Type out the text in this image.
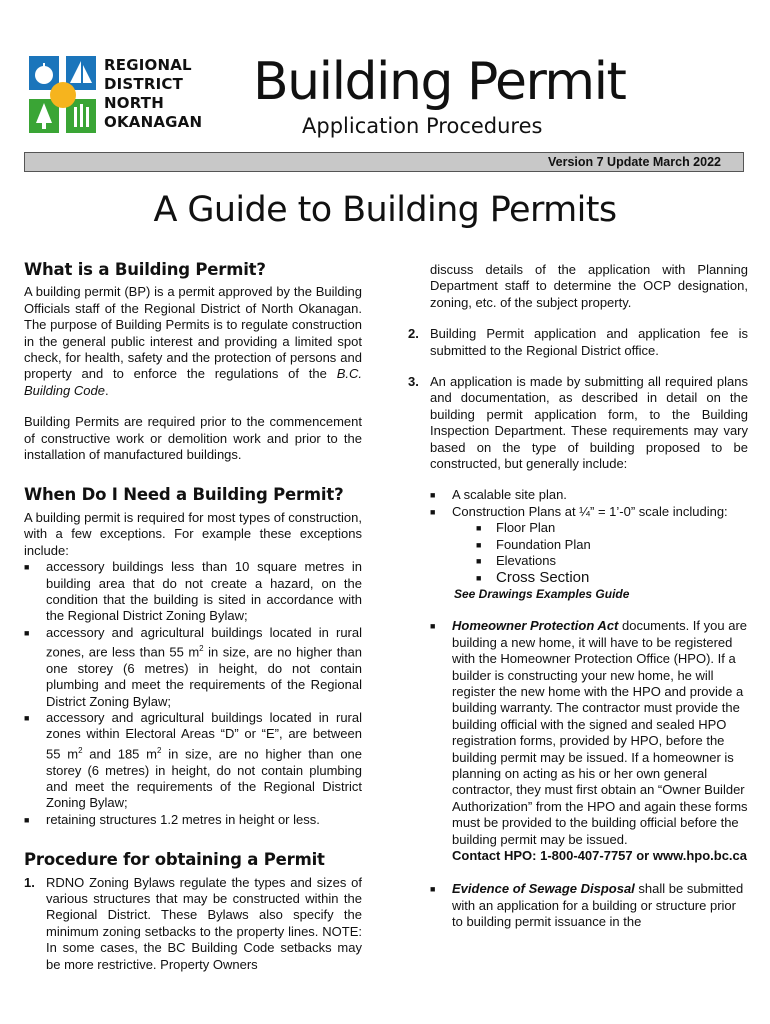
REGIONAL
DISTRICT
NORTH
OKANAGAN
Building Permit
Application Procedures
Version 7 Update March 2022
A Guide to Building Permits
What is a Building Permit?

A building permit (BP) is a permit approved by the Building Officials staff of the Regional District of North Okanagan. The purpose of Building Permits is to regulate construction in the general public interest and providing a limited spot check, for health, safety and the protection of persons and property and to enforce the regulations of the B.C. Building Code.

Building Permits are required prior to the commencement of constructive work or demolition work and prior to the installation of manufactured buildings.

When Do I Need a Building Permit?

A building permit is required for most types of construction, with a few exceptions. For example these exceptions include:

■ accessory buildings less than 10 square metres in building area that do not create a hazard, on the condition that the building is sited in accordance with the Regional District Zoning Bylaw;
■ accessory and agricultural buildings located in rural zones, are less than 55 $m^2$ in size, are no higher than one storey (6 metres) in height, do not contain plumbing and meet the requirements of the Regional District Zoning Bylaw;
■ accessory and agricultural buildings located in rural zones within Electoral Areas “D” or “E”, are between 55 $m^2$ and 185 $m^2$ in size, are no higher than one storey (6 metres) in height, do not contain plumbing and meet the requirements of the Regional District Zoning Bylaw;
■ retaining structures 1.2 metres in height or less.
Procedure for obtaining a Permit
1. RDNO Zoning Bylaws regulate the types and sizes of various structures that may be constructed within the Regional District. These Bylaws also specify the minimum zoning setbacks to the property lines. NOTE: In some cases, the BC Building Code setbacks may be more restrictive. Property Owners
discuss details of the application with Planning Department staff to determine the OCP designation, zoning, etc. of the subject property.
2. Building Permit application and application fee is submitted to the Regional District office.
3. An application is made by submitting all required plans and documentation, as described in detail on the building permit application form, to the Building Inspection Department. These requirements may vary based on the type of building proposed to be constructed, but generally include:
■ A scalable site plan.
■ Construction Plans at ¼” = 1’-0” scale including:
■ Floor Plan
■ Foundation Plan
■ Elevations
■ Cross Section
See Drawings Examples Guide
■ Homeowner Protection Act documents. If you are building a new home, it will have to be registered with the Homeowner Protection Office (HPO). If a builder is constructing your new home, he will register the new home with the HPO and provide a building warranty. The contractor must provide the building official with the signed and sealed HPO registration forms, provided by HPO, before the building permit may be issued. If a homeowner is planning on acting as his or her own general contractor, they must first obtain an “Owner Builder Authorization” from the HPO and again these forms must be provided to the building official before the building permit may be issued.
Contact HPO: 1-800-407-7757 or www.hpo.bc.ca
■ Evidence of Sewage Disposal shall be submitted with an application for a building or structure prior to building permit issuance in the
